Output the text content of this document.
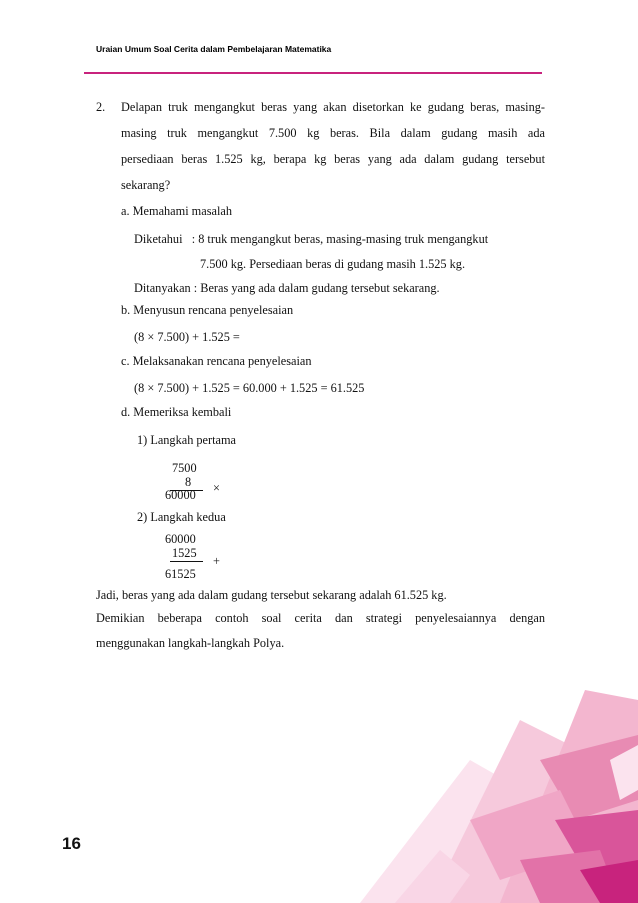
Uraian Umum Soal Cerita dalam Pembelajaran Matematika
2. Delapan truk mengangkut beras yang akan disetorkan ke gudang beras, masing-
masing truk mengangkut 7.500 kg beras. Bila dalam gudang masih ada
persediaan beras 1.525 kg, berapa kg beras yang ada dalam gudang tersebut
sekarang?
a. Memahami masalah
Diketahui   : 8 truk mengangkut beras, masing-masing truk mengangkut
7.500 kg. Persediaan beras di gudang masih 1.525 kg.
Ditanyakan : Beras yang ada dalam gudang tersebut sekarang.
b. Menyusun rencana penyelesaian
(8 × 7.500) + 1.525 =
c. Melaksanakan rencana penyelesaian
(8 × 7.500) + 1.525 = 60.000 + 1.525 = 61.525
d. Memeriksa kembali
1) Langkah pertama
7500
8 ×
60000
2) Langkah kedua
60000
1525
+
61525
Jadi, beras yang ada dalam gudang tersebut sekarang adalah 61.525 kg.
Demikian beberapa contoh soal cerita dan strategi penyelesaiannya dengan
menggunakan langkah-langkah Polya.
16
